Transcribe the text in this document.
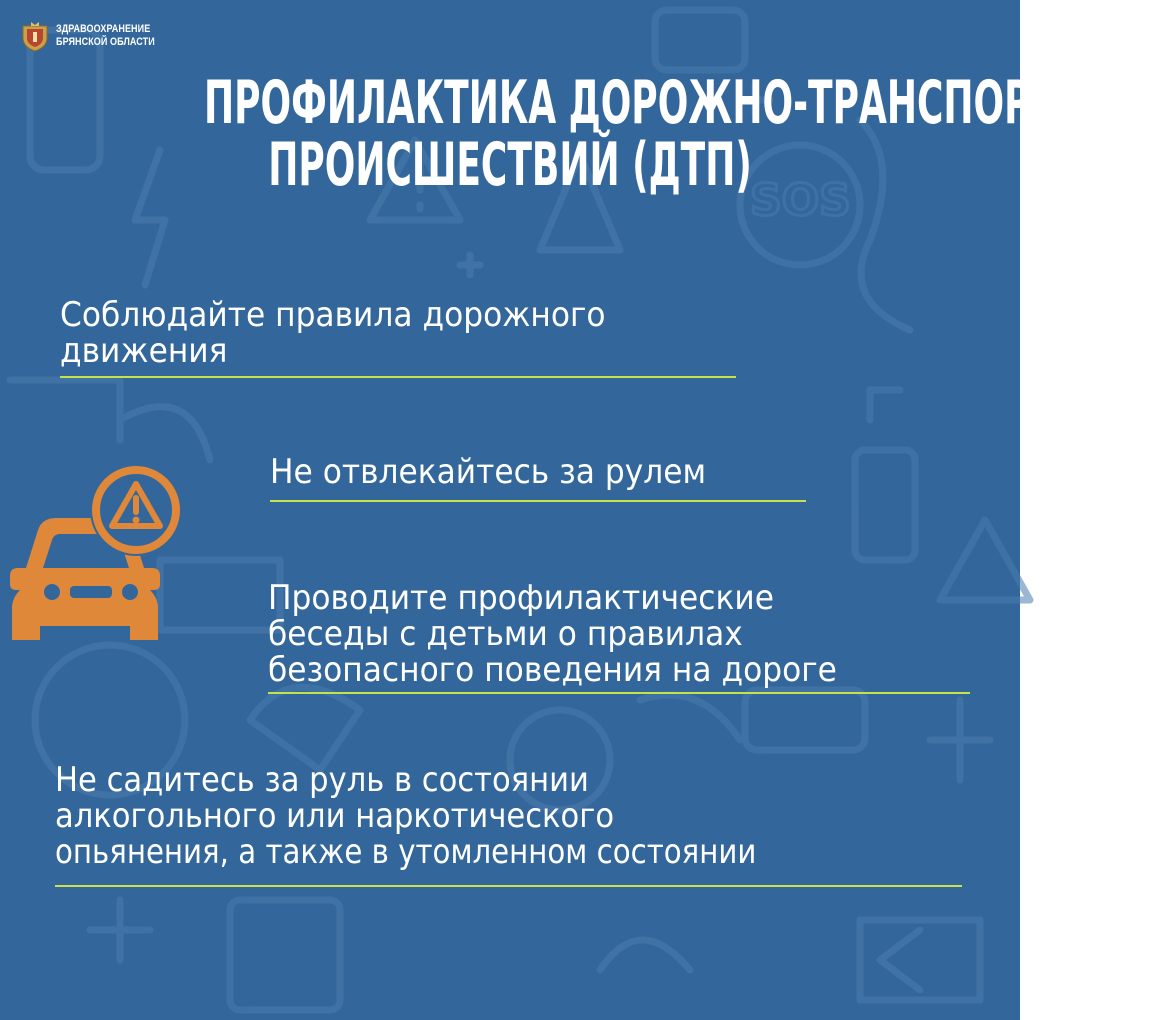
SOS
ЗДРАВООХРАНЕНИЕ
БРЯНСКОЙ ОБЛАСТИ
ПРОФИЛАКТИКА ДОРОЖНО-ТРАНСПОРТНЫХ
ПРОИСШЕСТВИЙ (ДТП)
Соблюдайте правила дорожного
движения
Не отвлекайтесь за рулем
Проводите профилактические
беседы с детьми о правилах
безопасного поведения на дороге
Не садитесь за руль в состоянии
алкогольного или наркотического
опьянения, а также в утомленном состоянии
